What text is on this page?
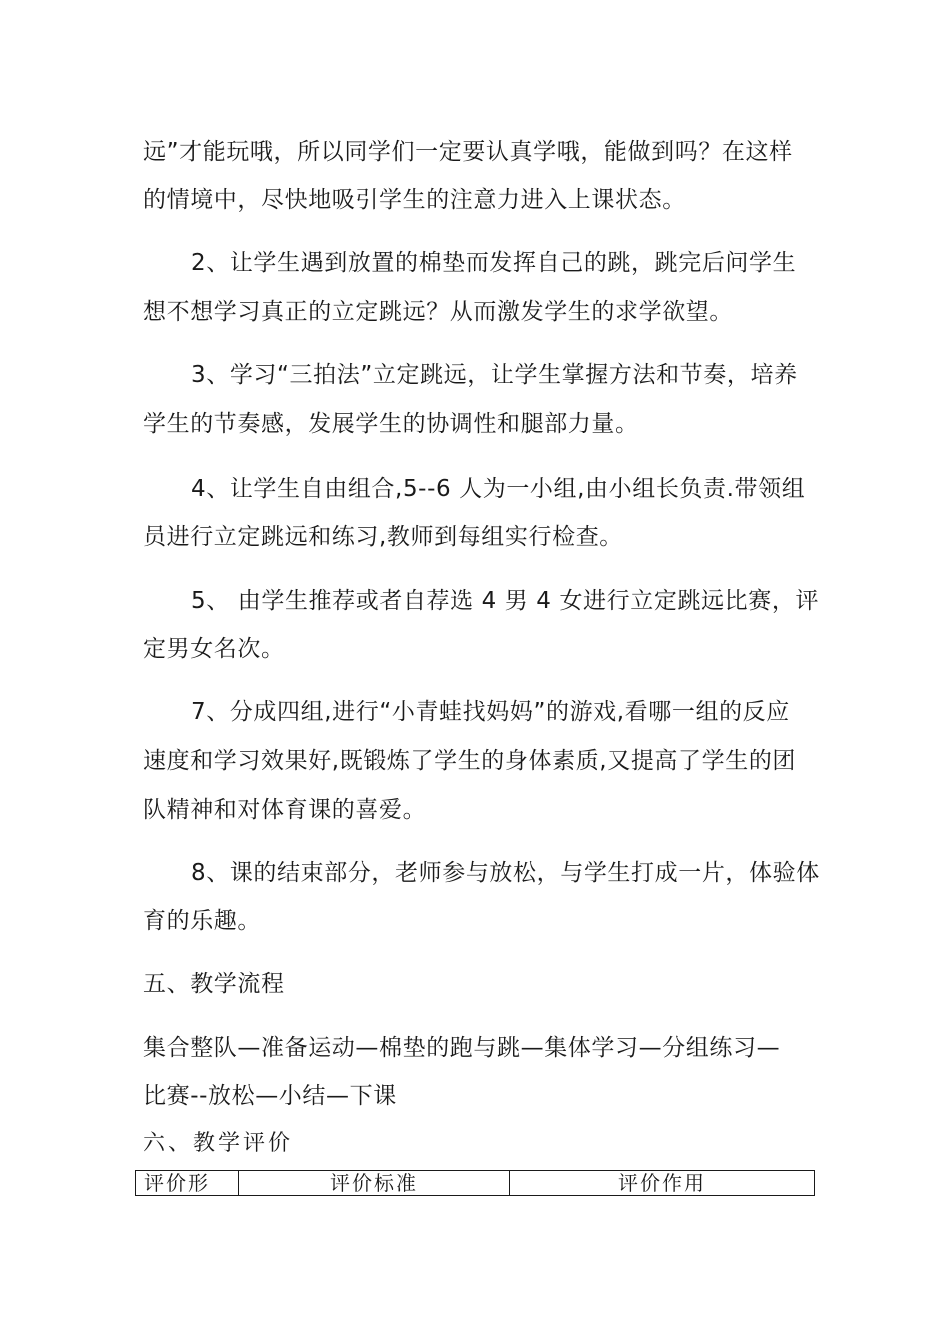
远”才能玩哦，所以同学们一定要认真学哦，能做到吗？在这样
的情境中，尽快地吸引学生的注意力进入上课状态。
2、让学生遇到放置的棉垫而发挥自己的跳，跳完后问学生
想不想学习真正的立定跳远？从而激发学生的求学欲望。
3、学习“三拍法”立定跳远，让学生掌握方法和节奏，培养
学生的节奏感，发展学生的协调性和腿部力量。
4、让学生自由组合,5--6 人为一小组,由小组长负责.带领组
员进行立定跳远和练习,教师到每组实行检查。
5、 由学生推荐或者自荐选 4 男 4 女进行立定跳远比赛，评
定男女名次。
7、分成四组,进行“小青蛙找妈妈”的游戏,看哪一组的反应
速度和学习效果好,既锻炼了学生的身体素质,又提高了学生的团
队精神和对体育课的喜爱。
8、课的结束部分，老师参与放松，与学生打成一片，体验体
育的乐趣。
五、教学流程
集合整队—准备运动—棉垫的跑与跳—集体学习—分组练习—
比赛--放松—小结—下课
六、教学评价
评价形	评价标准	评价作用
